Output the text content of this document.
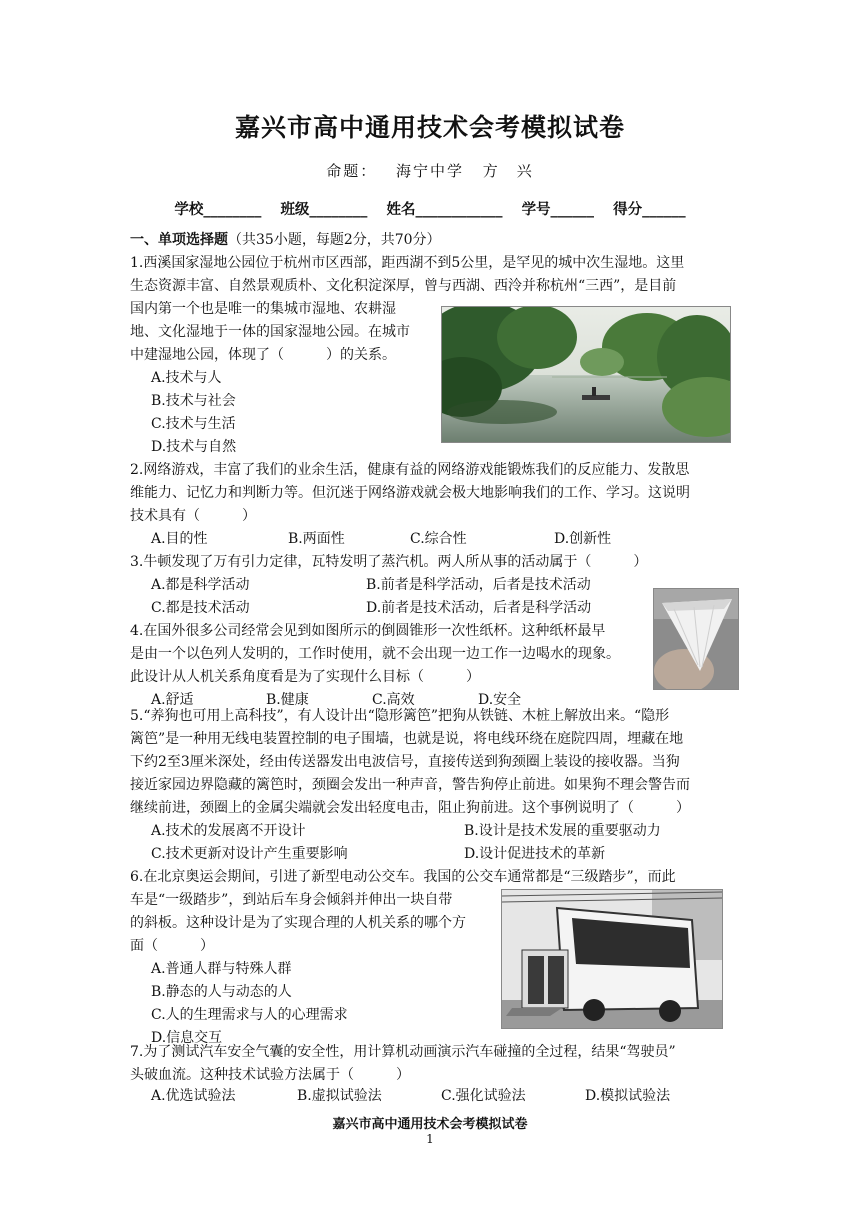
嘉兴市高中通用技术会考模拟试卷
命题： 海宁中学 方　兴
学校________ 班级________ 姓名____________ 学号______ 得分______
一、单项选择题（共35小题，每题2分，共70分）
1.西溪国家湿地公园位于杭州市区西部，距西湖不到5公里，是罕见的城中次生湿地。这里
生态资源丰富、自然景观质朴、文化积淀深厚，曾与西湖、西泠并称杭州“三西”，是目前
国内第一个也是唯一的集城市湿地、农耕湿
地、文化湿地于一体的国家湿地公园。在城市
中建湿地公园，体现了（　　　）的关系。
A.技术与人
B.技术与社会
C.技术与生活
D.技术与自然
2.网络游戏，丰富了我们的业余生活，健康有益的网络游戏能锻炼我们的反应能力、发散思
维能力、记忆力和判断力等。但沉迷于网络游戏就会极大地影响我们的工作、学习。这说明
技术具有（　　　）
A.目的性	B.两面性	C.综合性	D.创新性
3.牛顿发现了万有引力定律，瓦特发明了蒸汽机。两人所从事的活动属于（　　　）
A.都是科学活动	B.前者是科学活动，后者是技术活动
C.都是技术活动	D.前者是技术活动，后者是科学活动
4.在国外很多公司经常会见到如图所示的倒圆锥形一次性纸杯。这种纸杯最早
是由一个以色列人发明的，工作时使用，就不会出现一边工作一边喝水的现象。
此设计从人机关系角度看是为了实现什么目标（　　　）
A.舒适	B.健康	C.高效	D.安全
5.“养狗也可用上高科技”，有人设计出“隐形篱笆”把狗从铁链、木桩上解放出来。“隐形
篱笆”是一种用无线电装置控制的电子围墙，也就是说，将电线环绕在庭院四周，埋藏在地
下约2至3厘米深处，经由传送器发出电波信号，直接传送到狗颈圈上装设的接收器。当狗
接近家园边界隐藏的篱笆时，颈圈会发出一种声音，警告狗停止前进。如果狗不理会警告而
继续前进，颈圈上的金属尖端就会发出轻度电击，阻止狗前进。这个事例说明了（　　　）
A.技术的发展离不开设计	B.设计是技术发展的重要驱动力
C.技术更新对设计产生重要影响	D.设计促进技术的革新
6.在北京奥运会期间，引进了新型电动公交车。我国的公交车通常都是“三级踏步”，而此
车是“一级踏步”，到站后车身会倾斜并伸出一块自带
的斜板。这种设计是为了实现合理的人机关系的哪个方
面（　　　）
A.普通人群与特殊人群
B.静态的人与动态的人
C.人的生理需求与人的心理需求
D.信息交互
7.为了测试汽车安全气囊的安全性，用计算机动画演示汽车碰撞的全过程，结果“驾驶员”
头破血流。这种技术试验方法属于（　　　）
A.优选试验法	B.虚拟试验法	C.强化试验法	D.模拟试验法
嘉兴市高中通用技术会考模拟试卷
1
